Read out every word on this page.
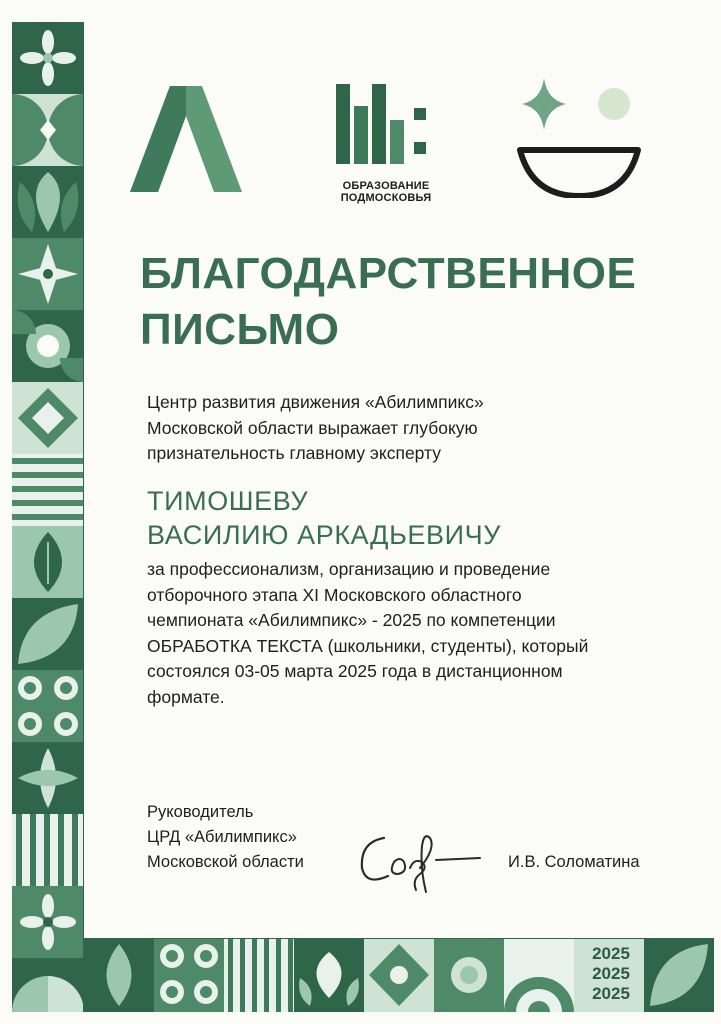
2025
2025
2025
ОБРАЗОВАНИЕ
ПОДМОСКОВЬЯ
БЛАГОДАРСТВЕННОЕ
ПИСЬМО
Центр развития движения «Абилимпикс»
Московской области выражает глубокую
признательность главному эксперту
ТИМОШЕВУ
ВАСИЛИЮ АРКАДЬЕВИЧУ
за профессионализм, организацию и проведение
отборочного этапа XI Московского областного
чемпионата «Абилимпикс» - 2025 по компетенции
ОБРАБОТКА ТЕКСТА (школьники, студенты), который
состоялся 03-05 марта 2025 года в дистанционном
формате.
Руководитель
ЦРД «Абилимпикс»
Московской области	И.В. Соломатина
